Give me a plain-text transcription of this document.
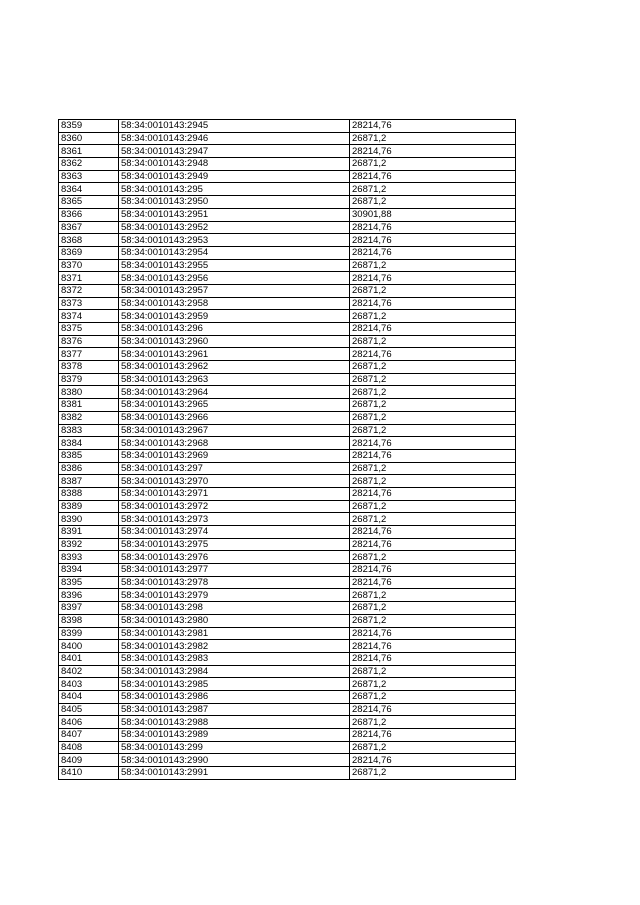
8359	58:34:0010143:2945	28214,76
8360	58:34:0010143:2946	26871,2
8361	58:34:0010143:2947	28214,76
8362	58:34:0010143:2948	26871,2
8363	58:34:0010143:2949	28214,76
8364	58:34:0010143:295	26871,2
8365	58:34:0010143:2950	26871,2
8366	58:34:0010143:2951	30901,88
8367	58:34:0010143:2952	28214,76
8368	58:34:0010143:2953	28214,76
8369	58:34:0010143:2954	28214,76
8370	58:34:0010143:2955	26871,2
8371	58:34:0010143:2956	28214,76
8372	58:34:0010143:2957	26871,2
8373	58:34:0010143:2958	28214,76
8374	58:34:0010143:2959	26871,2
8375	58:34:0010143:296	28214,76
8376	58:34:0010143:2960	26871,2
8377	58:34:0010143:2961	28214,76
8378	58:34:0010143:2962	26871,2
8379	58:34:0010143:2963	26871,2
8380	58:34:0010143:2964	26871,2
8381	58:34:0010143:2965	26871,2
8382	58:34:0010143:2966	26871,2
8383	58:34:0010143:2967	26871,2
8384	58:34:0010143:2968	28214,76
8385	58:34:0010143:2969	28214,76
8386	58:34:0010143:297	26871,2
8387	58:34:0010143:2970	26871,2
8388	58:34:0010143:2971	28214,76
8389	58:34:0010143:2972	26871,2
8390	58:34:0010143:2973	26871,2
8391	58:34:0010143:2974	28214,76
8392	58:34:0010143:2975	28214,76
8393	58:34:0010143:2976	26871,2
8394	58:34:0010143:2977	28214,76
8395	58:34:0010143:2978	28214,76
8396	58:34:0010143:2979	26871,2
8397	58:34:0010143:298	26871,2
8398	58:34:0010143:2980	26871,2
8399	58:34:0010143:2981	28214,76
8400	58:34:0010143:2982	28214,76
8401	58:34:0010143:2983	28214,76
8402	58:34:0010143:2984	26871,2
8403	58:34:0010143:2985	26871,2
8404	58:34:0010143:2986	26871,2
8405	58:34:0010143:2987	28214,76
8406	58:34:0010143:2988	26871,2
8407	58:34:0010143:2989	28214,76
8408	58:34:0010143:299	26871,2
8409	58:34:0010143:2990	28214,76
8410	58:34:0010143:2991	26871,2
